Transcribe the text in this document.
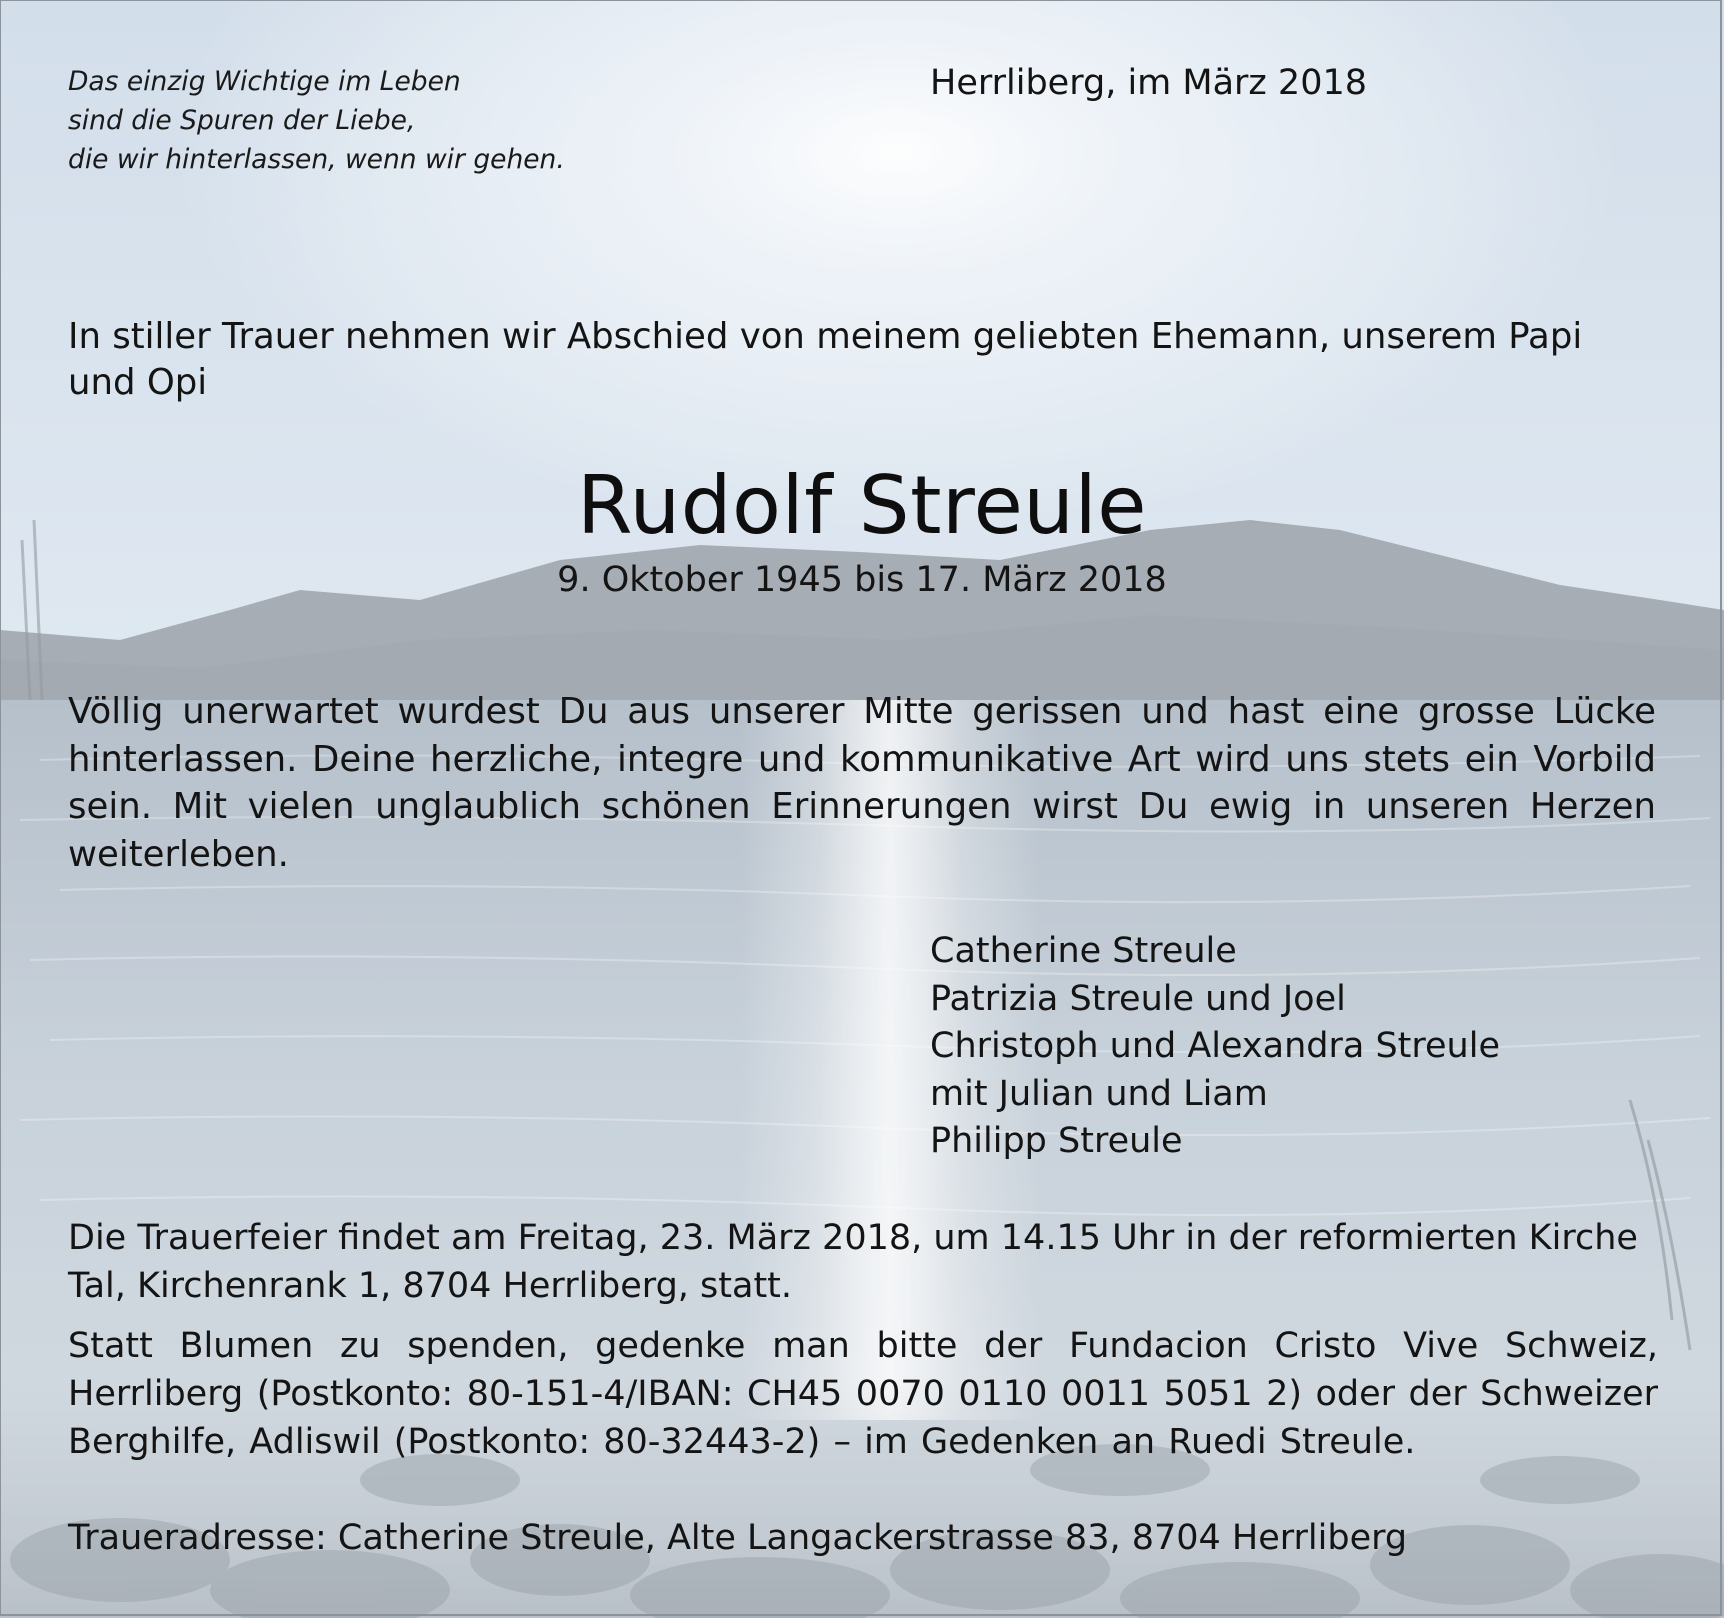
Das einzig Wichtige im Leben
sind die Spuren der Liebe,
die wir hinterlassen, wenn wir gehen.
Herrliberg, im März 2018
In stiller Trauer nehmen wir Abschied von meinem geliebten Ehemann, unserem Papi und Opi
Rudolf Streule
9. Oktober 1945 bis 17. März 2018
Völlig unerwartet wurdest Du aus unserer Mitte gerissen und hast eine grosse Lücke hinterlassen. Deine herzliche, integre und kommunikative Art wird uns stets ein Vorbild sein. Mit vielen unglaublich schönen Erinnerungen wirst Du ewig in unseren Herzen weiterleben.
Catherine Streule
Patrizia Streule und Joel
Christoph und Alexandra Streule
mit Julian und Liam
Philipp Streule
Die Trauerfeier findet am Freitag, 23. März 2018, um 14.15 Uhr in der reformierten Kirche Tal, Kirchenrank 1, 8704 Herrliberg, statt.
Statt Blumen zu spenden, gedenke man bitte der Fundacion Cristo Vive Schweiz, Herrliberg (Postkonto: 80-151-4/IBAN: CH45 0070 0110 0011 5051 2) oder der Schweizer Berghilfe, Adliswil (Postkonto: 80-32443-2) – im Gedenken an Ruedi Streule.
Traueradresse: Catherine Streule, Alte Langackerstrasse 83, 8704 Herrliberg
